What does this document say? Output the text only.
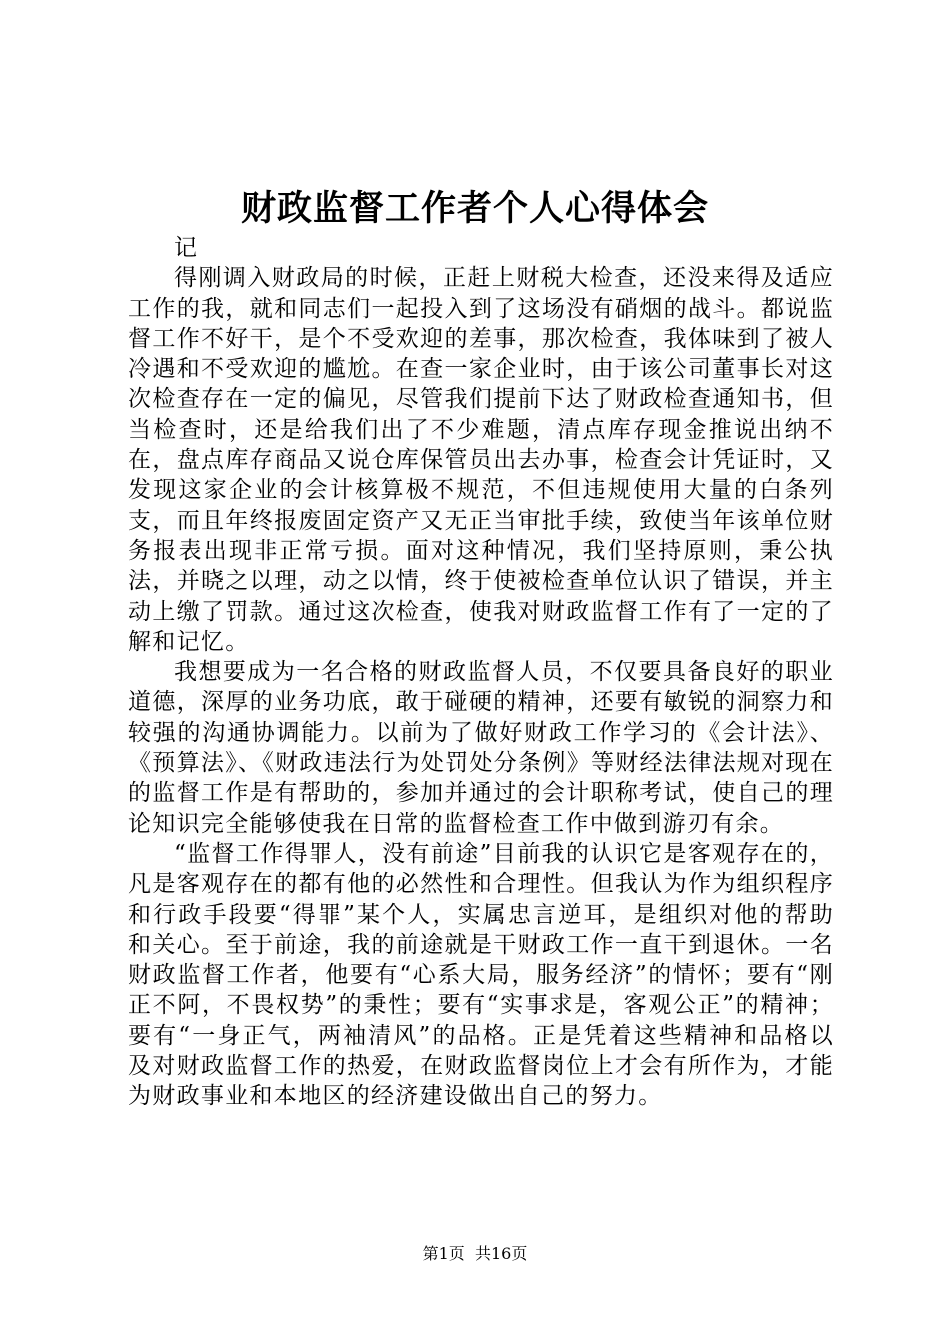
财政监督工作者个人心得体会

记

得刚调入财政局的时候，正赶上财税大检查，还没来得及适应工作的我，就和同志们一起投入到了这场没有硝烟的战斗。都说监督工作不好干，是个不受欢迎的差事，那次检查，我体味到了被人冷遇和不受欢迎的尴尬。在查一家企业时，由于该公司董事长对这次检查存在一定的偏见，尽管我们提前下达了财政检查通知书，但当检查时，还是给我们出了不少难题，清点库存现金推说出纳不在，盘点库存商品又说仓库保管员出去办事，检查会计凭证时，又发现这家企业的会计核算极不规范，不但违规使用大量的白条列支，而且年终报废固定资产又无正当审批手续，致使当年该单位财务报表出现非正常亏损。面对这种情况，我们坚持原则，秉公执法，并晓之以理，动之以情，终于使被检查单位认识了错误，并主动上缴了罚款。通过这次检查，使我对财政监督工作有了一定的了解和记忆。

我想要成为一名合格的财政监督人员，不仅要具备良好的职业道德，深厚的业务功底，敢于碰硬的精神，还要有敏锐的洞察力和较强的沟通协调能力。以前为了做好财政工作学习的《会计法》、《预算法》、《财政违法行为处罚处分条例》等财经法律法规对现在的监督工作是有帮助的，参加并通过的会计职称考试，使自己的理论知识完全能够使我在日常的监督检查工作中做到游刃有余。

“监督工作得罪人，没有前途”目前我的认识它是客观存在的，凡是客观存在的都有他的必然性和合理性。但我认为作为组织程序和行政手段要“得罪”某个人，实属忠言逆耳，是组织对他的帮助和关心。至于前途，我的前途就是干财政工作一直干到退休。一名财政监督工作者，他要有“心系大局，服务经济”的情怀；要有“刚正不阿，不畏权势”的秉性；要有“实事求是，客观公正”的精神；要有“一身正气，两袖清风”的品格。正是凭着这些精神和品格以及对财政监督工作的热爱，在财政监督岗位上才会有所作为，才能为财政事业和本地区的经济建设做出自己的努力。

第1页 共16页
